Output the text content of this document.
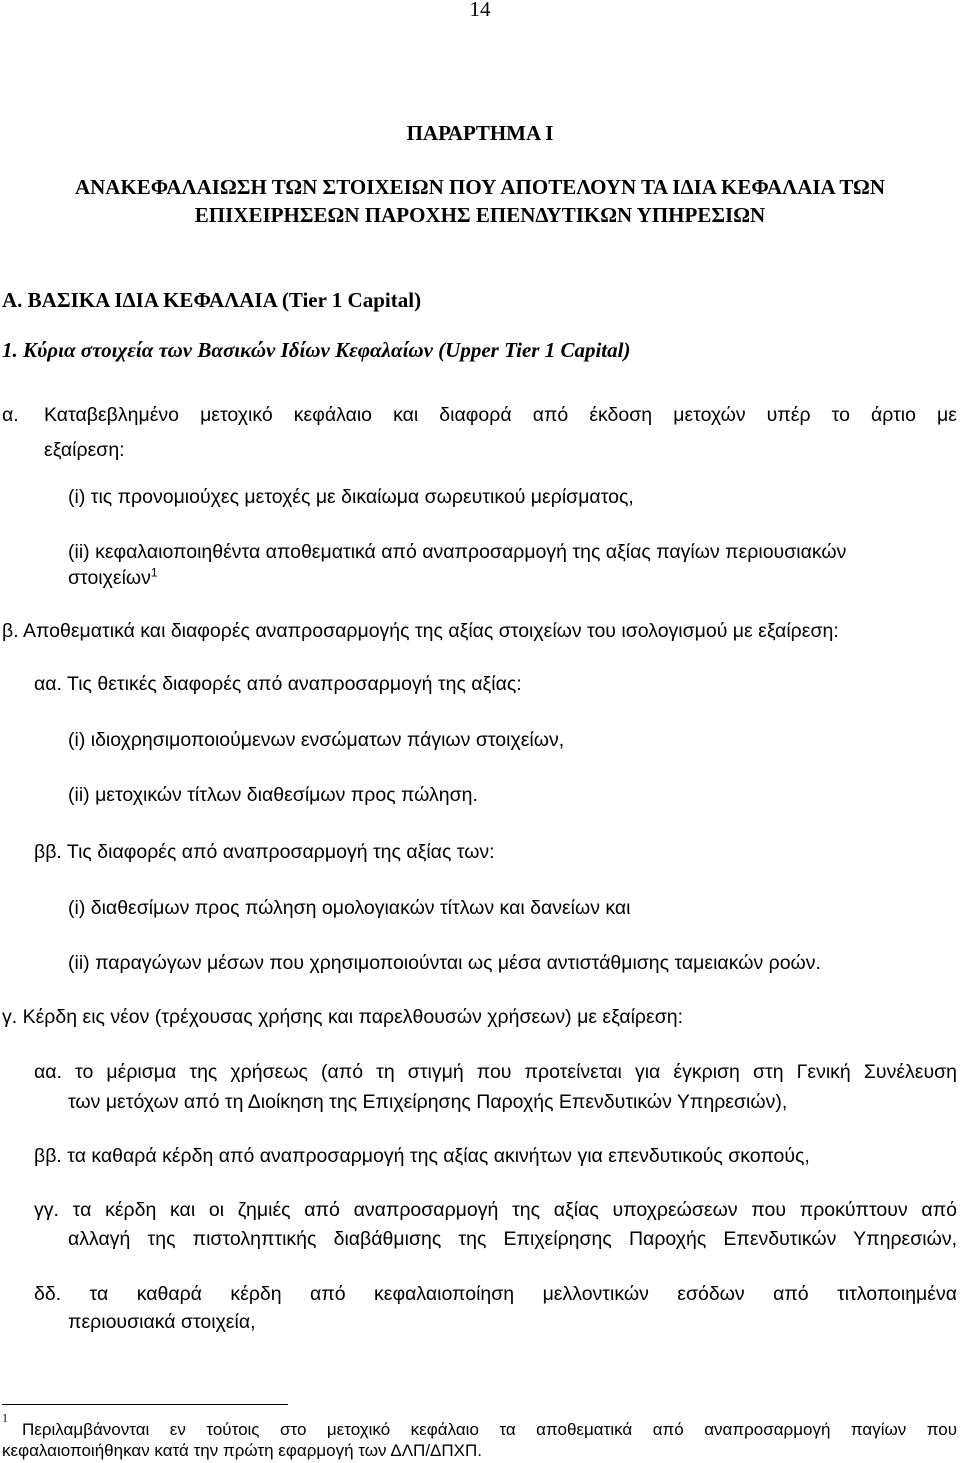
14
ΠΑΡΑΡΤΗΜΑ Ι
ΑΝΑΚΕΦΑΛΑΙΩΣΗ ΤΩΝ ΣΤΟΙΧΕΙΩΝ ΠΟΥ ΑΠΟΤΕΛΟΥΝ ΤΑ ΙΔΙΑ ΚΕΦΑΛΑΙΑ ΤΩΝ
ΕΠΙΧΕΙΡΗΣΕΩΝ ΠΑΡΟΧΗΣ ΕΠΕΝΔΥΤΙΚΩΝ ΥΠΗΡΕΣΙΩΝ
Α. ΒΑΣΙΚΑ ΙΔΙΑ ΚΕΦΑΛΑΙΑ (Tier 1 Capital)
1. Κύρια στοιχεία των Βασικών Ιδίων Κεφαλαίων (Upper Tier 1 Capital)
α. Καταβεβλημένο μετοχικό κεφάλαιο και διαφορά από έκδοση μετοχών υπέρ το άρτιο με
εξαίρεση:
(i) τις προνομιούχες μετοχές με δικαίωμα σωρευτικού μερίσματος,
(ii) κεφαλαιοποιηθέντα αποθεματικά από αναπροσαρμογή της αξίας παγίων περιουσιακών
στοιχείων$^1$
β. Αποθεματικά και διαφορές αναπροσαρμογής της αξίας στοιχείων του ισολογισμού με εξαίρεση:
αα. Τις θετικές διαφορές από αναπροσαρμογή της αξίας:
(i) ιδιοχρησιμοποιούμενων ενσώματων πάγιων στοιχείων,
(ii) μετοχικών τίτλων διαθεσίμων προς πώληση.
ββ. Τις διαφορές από αναπροσαρμογή της αξίας των:
(i) διαθεσίμων προς πώληση ομολογιακών τίτλων και δανείων και
(ii) παραγώγων μέσων που χρησιμοποιούνται ως μέσα αντιστάθμισης ταμειακών ροών.
γ. Κέρδη εις νέον (τρέχουσας χρήσης και παρελθουσών χρήσεων) με εξαίρεση:
αα. το μέρισμα της χρήσεως (από τη στιγμή που προτείνεται για έγκριση στη Γενική Συνέλευση
των μετόχων από τη Διοίκηση της Επιχείρησης Παροχής Επενδυτικών Υπηρεσιών),
ββ. τα καθαρά κέρδη από αναπροσαρμογή της αξίας ακινήτων για επενδυτικούς σκοπούς,
γγ. τα κέρδη και οι ζημιές από αναπροσαρμογή της αξίας υποχρεώσεων που προκύπτουν από
αλλαγή της πιστοληπτικής διαβάθμισης της Επιχείρησης Παροχής Επενδυτικών Υπηρεσιών,
δδ. τα καθαρά κέρδη από κεφαλαιοποίηση μελλοντικών εσόδων από τιτλοποιημένα
περιουσιακά στοιχεία,
$^1$
Περιλαμβάνονται εν τούτοις στο μετοχικό κεφάλαιο τα αποθεματικά από αναπροσαρμογή παγίων που
κεφαλαιοποιήθηκαν κατά την πρώτη εφαρμογή των ΔΛΠ/ΔΠΧΠ.
